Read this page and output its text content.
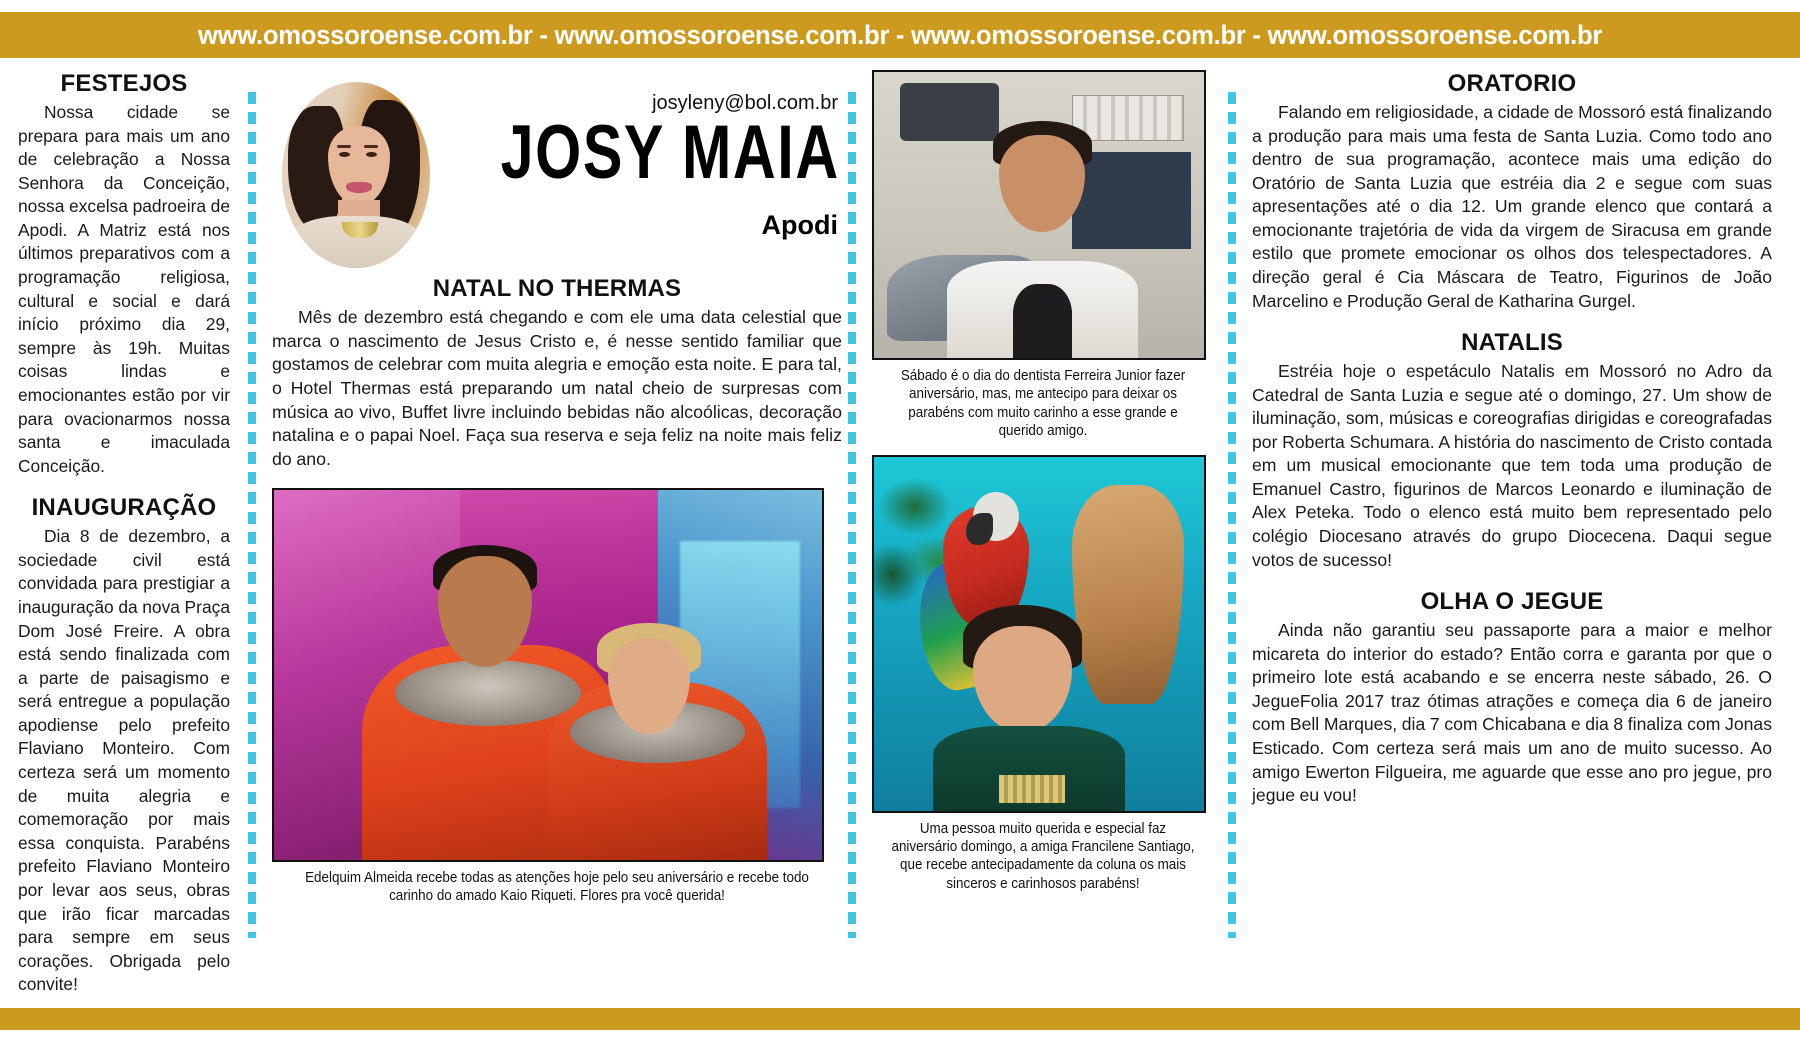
www.omossoroense.com.br - www.omossoroense.com.br - www.omossoroense.com.br - www.omossoroense.com.br
FESTEJOS

Nossa cidade se prepara para mais um ano de celebração a Nossa Senhora da Conceição, nossa excelsa padroeira de Apodi. A Matriz está nos últimos preparativos com a programação religiosa, cultural e social e dará início próximo dia 29, sempre às 19h. Muitas coisas lindas e emocionantes estão por vir para ovacionarmos nossa santa e imaculada Conceição.

INAUGURAÇÃO

Dia 8 de dezembro, a sociedade civil está convidada para prestigiar a inauguração da nova Praça Dom José Freire. A obra está sendo finalizada com a parte de paisagismo e será entregue a população apodiense pelo prefeito Flaviano Monteiro. Com certeza será um momento de muita alegria e comemoração por mais essa conquista. Parabéns prefeito Flaviano Monteiro por levar aos seus, obras que irão ficar marcadas para sempre em seus corações. Obrigada pelo convite!

josyleny@bol.com.br
JOSY MAIA
Apodi
NATAL NO THERMAS

Mês de dezembro está chegando e com ele uma data celestial que marca o nascimento de Jesus Cristo e, é nesse sentido familiar que gostamos de celebrar com muita alegria e emoção esta noite. E para tal, o Hotel Thermas está preparando um natal cheio de surpresas com música ao vivo, Buffet livre incluindo bebidas não alcoólicas, decoração natalina e o papai Noel. Faça sua reserva e seja feliz na noite mais feliz do ano.

Edelquim Almeida recebe todas as atenções hoje pelo seu aniversário e recebe todo carinho do amado Kaio Riqueti. Flores pra você querida!

Sábado é o dia do dentista Ferreira Junior fazer aniversário, mas, me antecipo para deixar os parabéns com muito carinho a esse grande e querido amigo.

Uma pessoa muito querida e especial faz aniversário domingo, a amiga Francilene Santiago, que recebe antecipadamente da coluna os mais sinceros e carinhosos parabéns!

ORATORIO

Falando em religiosidade, a cidade de Mossoró está finalizando a produção para mais uma festa de Santa Luzia. Como todo ano dentro de sua programação, acontece mais uma edição do Oratório de Santa Luzia que estréia dia 2 e segue com suas apresentações até o dia 12. Um grande elenco que contará a emocionante trajetória de vida da virgem de Siracusa em grande estilo que promete emocionar os olhos dos telespectadores. A direção geral é Cia Máscara de Teatro, Figurinos de João Marcelino e Produção Geral de Katharina Gurgel.

NATALIS

Estréia hoje o espetáculo Natalis em Mossoró no Adro da Catedral de Santa Luzia e segue até o domingo, 27. Um show de iluminação, som, músicas e coreografias dirigidas e coreografadas por Roberta Schumara. A história do nascimento de Cristo contada em um musical emocionante que tem toda uma produção de Emanuel Castro, figurinos de Marcos Leonardo e iluminação de Alex Peteka. Todo o elenco está muito bem representado pelo colégio Diocesano através do grupo Diocecena. Daqui segue votos de sucesso!

OLHA O JEGUE

Ainda não garantiu seu passaporte para a maior e melhor micareta do interior do estado? Então corra e garanta por que o primeiro lote está acabando e se encerra neste sábado, 26. O JegueFolia 2017 traz ótimas atrações e começa dia 6 de janeiro com Bell Marques, dia 7 com Chicabana e dia 8 finaliza com Jonas Esticado. Com certeza será mais um ano de muito sucesso. Ao amigo Ewerton Filgueira, me aguarde que esse ano pro jegue, pro jegue eu vou!
